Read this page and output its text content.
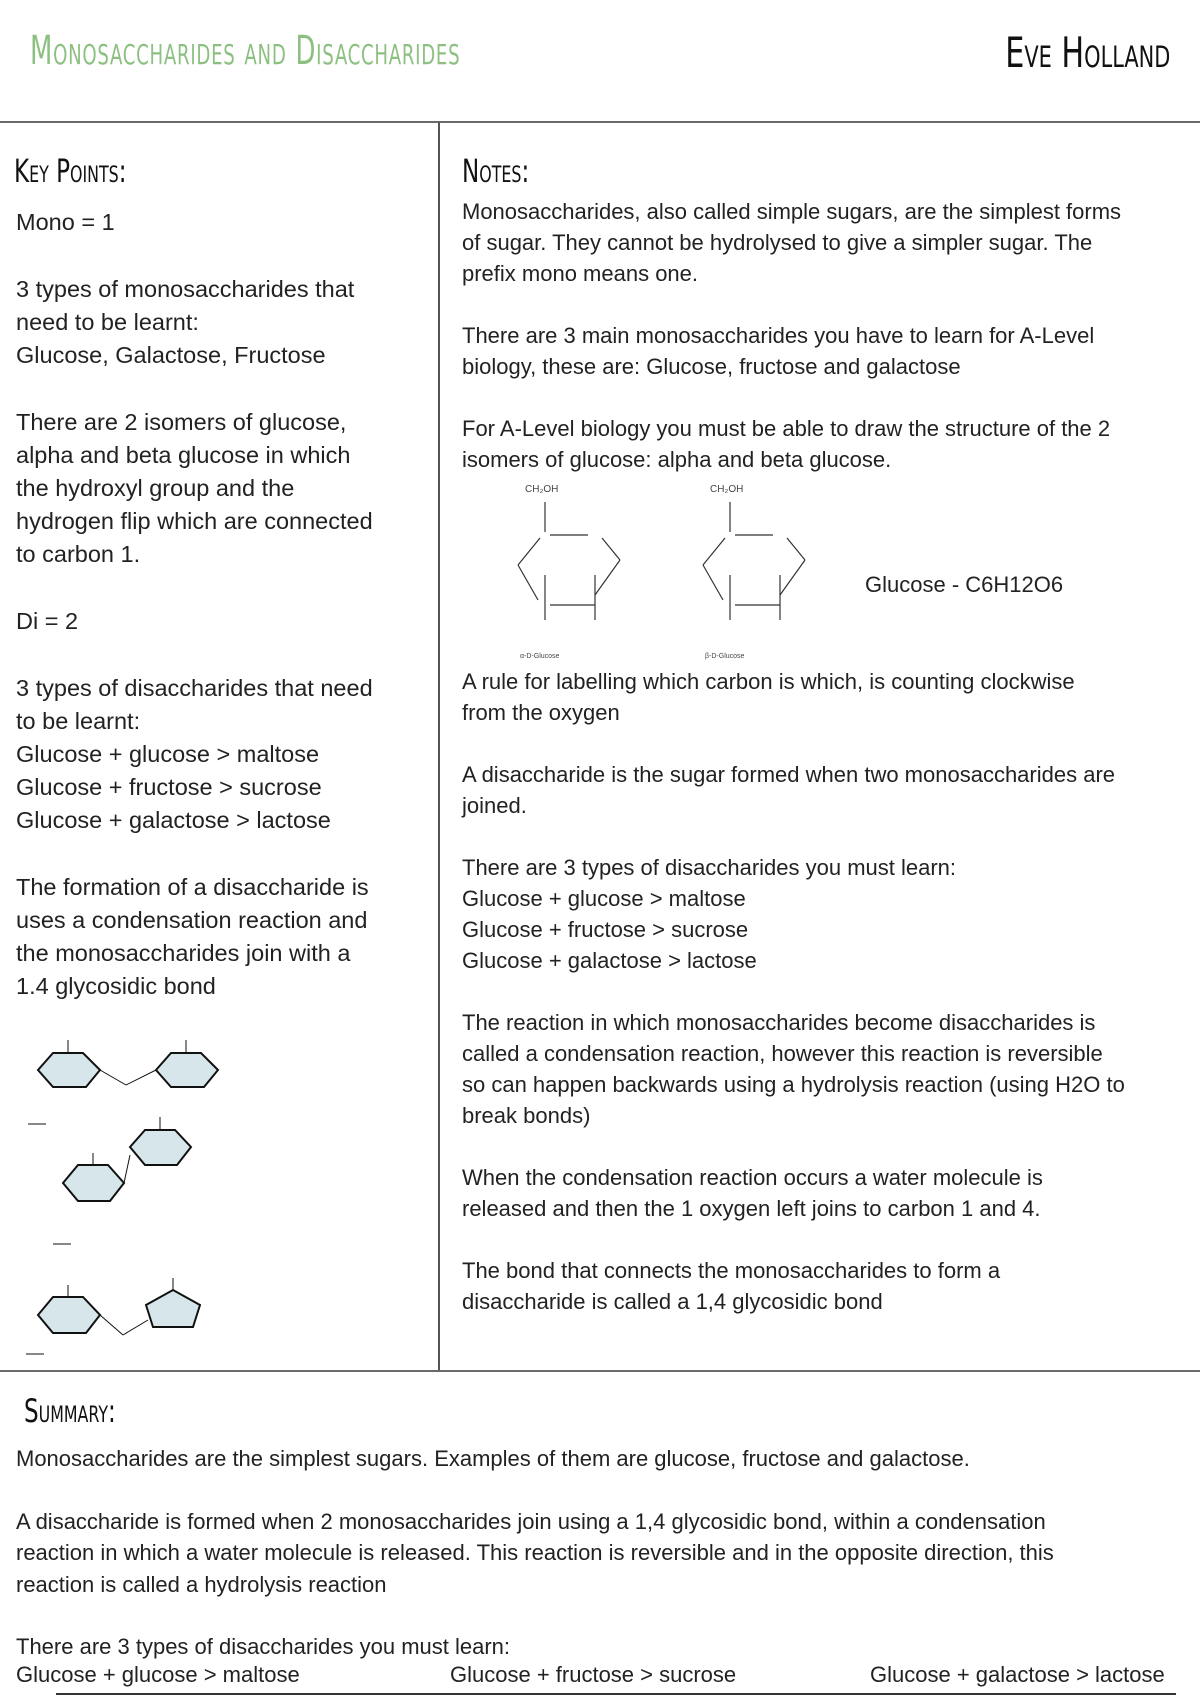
Monosaccharides and Disaccharides	Eve Holland
Key Points:

Mono = 1

3 types of monosaccharides that
need to be learnt:
Glucose, Galactose, Fructose

There are 2 isomers of glucose,
alpha and beta glucose in which
the hydroxyl group and the
hydrogen flip which are connected
to carbon 1.

Di = 2

3 types of disaccharides that need
to be learnt:
Glucose + glucose > maltose
Glucose + fructose > sucrose
Glucose + galactose > lactose

The formation of a disaccharide is
uses a condensation reaction and
the monosaccharides join with a
1.4 glycosidic bond

Notes:

Monosaccharides, also called simple sugars, are the simplest forms
of sugar. They cannot be hydrolysed to give a simpler sugar. The
prefix mono means one.

There are 3 main monosaccharides you have to learn for A-Level
biology, these are: Glucose, fructose and galactose

For A-Level biology you must be able to draw the structure of the 2
isomers of glucose: alpha and beta glucose.

CH₂OH	CH₂OH
α-D-Glucose	β-D-Glucose
Glucose - C6H12O6

A rule for labelling which carbon is which, is counting clockwise
from the oxygen

A disaccharide is the sugar formed when two monosaccharides are
joined.

There are 3 types of disaccharides you must learn:
Glucose + glucose > maltose
Glucose + fructose > sucrose
Glucose + galactose > lactose

The reaction in which monosaccharides become disaccharides is
called a condensation reaction, however this reaction is reversible
so can happen backwards using a hydrolysis reaction (using H2O to
break bonds)

When the condensation reaction occurs a water molecule is
released and then the 1 oxygen left joins to carbon 1 and 4.

The bond that connects the monosaccharides to form a
disaccharide is called a 1,4 glycosidic bond

Summary:

Monosaccharides are the simplest sugars. Examples of them are glucose, fructose and galactose.

A disaccharide is formed when 2 monosaccharides join using a 1,4 glycosidic bond, within a condensation
reaction in which a water molecule is released. This reaction is reversible and in the opposite direction, this
reaction is called a hydrolysis reaction

There are 3 types of disaccharides you must learn:

Glucose + glucose > maltose	Glucose + fructose > sucrose	Glucose + galactose > lactose
